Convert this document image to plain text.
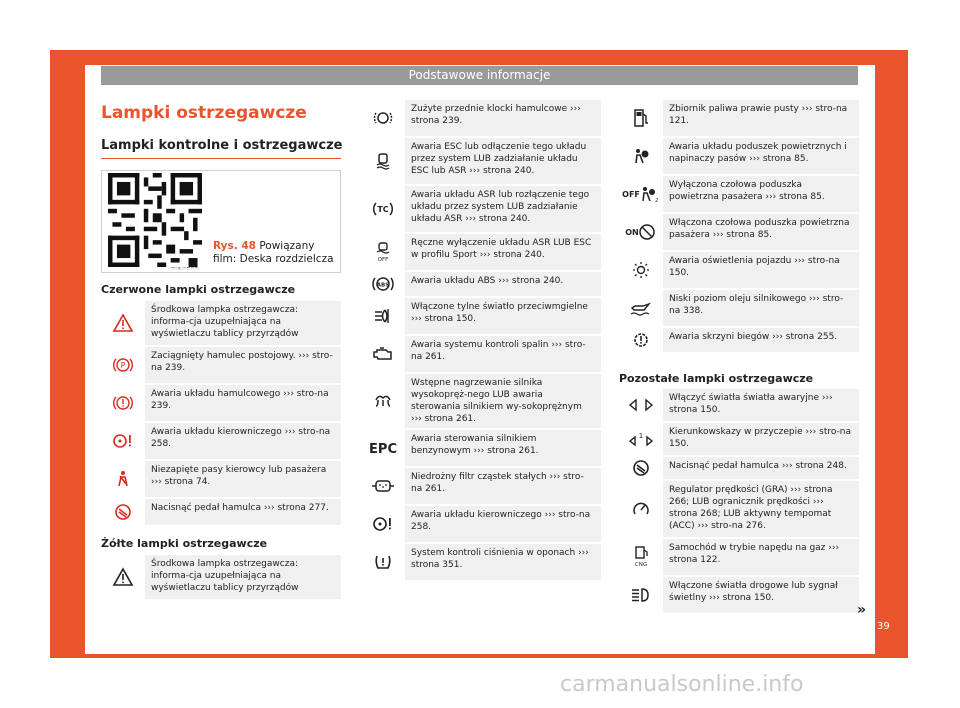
Podstawowe informacje
Lampki ostrzegawcze
Lampki kontrolne i ostrzegawcze
Rys. 48 Powiązany film: Deska rozdzielcza
Czerwone lampki ostrzegawcze
Środkowa lampka ostrzegawcza: informa-cja uzupełniająca na wyświetlaczu tablicy przyrządów
P
Zaciągnięty hamulec postojowy. ››› stro-na 239.
Awaria układu hamulcowego ››› stro-na 239.
Awaria układu kierowniczego ››› stro-na 258.
Niezapięte pasy kierowcy lub pasażera ››› strona 74.
Nacisnąć pedał hamulca ››› strona 277.
Żółte lampki ostrzegawcze
Środkowa lampka ostrzegawcza: informa-cja uzupełniająca na wyświetlaczu tablicy przyrządów
Zużyte przednie klocki hamulcowe ››› strona 239.
Awaria ESC lub odłączenie tego układu przez system LUB zadziałanie układu ESC lub ASR ››› strona 240.
TC
Awaria układu ASR lub rozłączenie tego układu przez system LUB zadziałanie układu ASR ››› strona 240.
OFF
Ręczne wyłączenie układu ASR LUB ESC w profilu Sport ››› strona 240.
ABS	Awaria układu ABS ››› strona 240.
Włączone tylne światło przeciwmgielne ››› strona 150.
Awaria systemu kontroli spalin ››› stro-na 261.
Wstępne nagrzewanie silnika wysokopręż-nego LUB awaria sterowania silnikiem wy-sokoprężnym ››› strona 261.
EPC
Awaria sterowania silnikiem benzynowym ››› strona 261.
Niedrożny filtr cząstek stałych ››› stro-na 261.
Awaria układu kierowniczego ››› stro-na 258.
System kontroli ciśnienia w oponach ››› strona 351.
Zbiornik paliwa prawie pusty ››› stro-na 121.
Awaria układu poduszek powietrznych i napinaczy pasów ››› strona 85.
OFF
2
Wyłączona czołowa poduszka powietrzna pasażera ››› strona 85.
ON
Włączona czołowa poduszka powietrzna pasażera ››› strona 85.
Awaria oświetlenia pojazdu ››› stro-na 150.
Niski poziom oleju silnikowego ››› stro-na 338.
Awaria skrzyni biegów ››› strona 255.
Pozostałe lampki ostrzegawcze
Włączyć światła światła awaryjne ››› strona 150.
1	Kierunkowskazy w przyczepie ››› stro-na 150.
Nacisnąć pedał hamulca ››› strona 248.
Regulator prędkości (GRA) ››› strona 266; LUB ogranicznik prędkości ››› strona 268; LUB aktywny tempomat (ACC) ››› stro-na 276.
CNG
Samochód w trybie napędu na gaz ››› strona 122.
Włączone światła drogowe lub sygnał świetlny ››› strona 150.
»
39
carmanualsonline.info
